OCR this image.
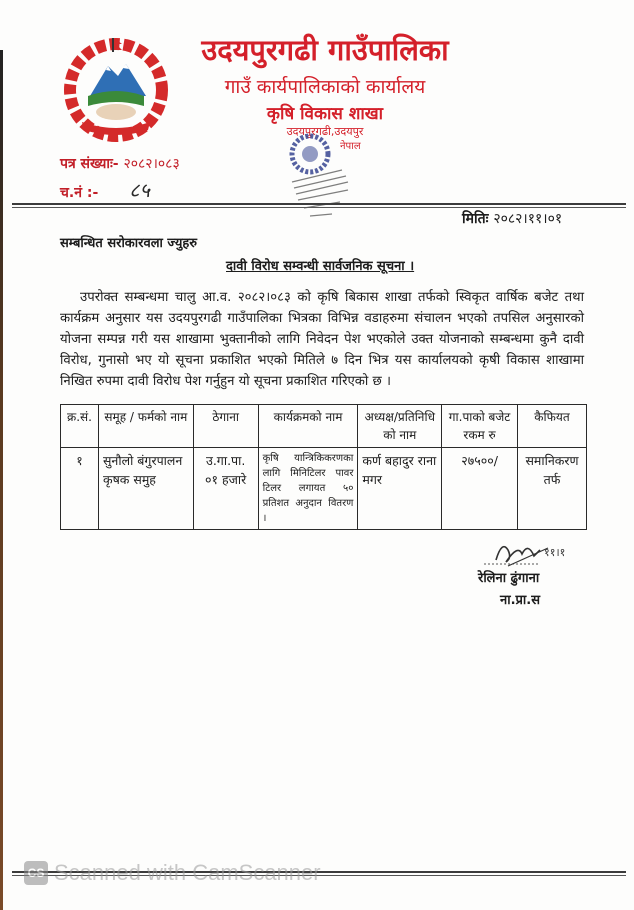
उदयपुरगढी गाउँपालिका
गाउँ कार्यपालिकाको कार्यालय
कृषि विकास शाखा
उदयपुरगढी,उदयपुर
नेपाल
पत्र संख्याः- २०८२।०८३
च.नं :- ८५
मितिः २०८२।११।०१
सम्बन्धित सरोकारवला ज्युहरु
दावी विरोध सम्वन्धी सार्वजनिक सूचना ।
उपरोक्त सम्बन्धमा चालु आ.व. २०८२।०८३ को कृषि बिकास शाखा तर्फको स्विकृत वार्षिक बजेट तथा कार्यक्रम अनुसार यस उदयपुरगढी गाउँपालिका भित्रका विभिन्न वडाहरुमा संचालन भएको तपसिल अनुसारको योजना सम्पन्न गरी यस शाखामा भुक्तानीको लागि निवेदन पेश भएकोले उक्त योजनाको सम्बन्धमा कुनै दावी विरोध, गुनासो भए यो सूचना प्रकाशित भएको मितिले ७ दिन भित्र यस कार्यालयको कृषी विकास शाखामा निखित रुपमा दावी विरोध पेश गर्नुहुन यो सूचना प्रकाशित गरिएको छ ।
क्र.सं.	समूह / फर्मको नाम	ठेगाना	कार्यक्रमको नाम	अध्यक्ष/प्रतिनिधि को नाम	गा.पाको बजेट रकम रु	कैफियत
१	सुनौलो बंगुरपालन कृषक समुह	उ.गा.पा. ०१ हजारे	कृषि यान्त्रिकिकरणका लागि मिनिटिलर पावर टिलर लगायत ५० प्रतिशत अनुदान वितरण ।	कर्ण बहादुर राना मगर	२७५००/	समानिकरण तर्फ
११।१
रेलिना ढुंगाना
ना.प्रा.स
CS Scanned with CamScanner
